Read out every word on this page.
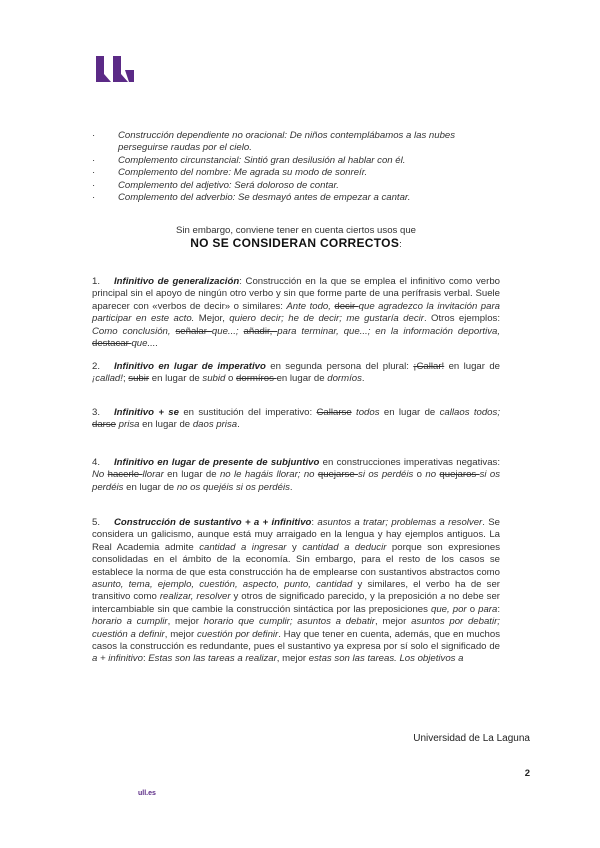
· Construcción dependiente no oracional: De niños contemplábamos a las nubes perseguirse raudas por el cielo.
· Complemento circunstancial: Sintió gran desilusión al hablar con él.
· Complemento del nombre: Me agrada su modo de sonreír.
· Complemento del adjetivo: Será doloroso de contar.
· Complemento del adverbio: Se desmayó antes de empezar a cantar.
Sin embargo, conviene tener en cuenta ciertos usos que
NO SE CONSIDERAN CORRECTOS:
1. Infinitivo de generalización: Construcción en la que se emplea el infinitivo como verbo principal sin el apoyo de ningún otro verbo y sin que forme parte de una perífrasis verbal. Suele aparecer con «verbos de decir» o similares: Ante todo, decir que agradezco la invitación para participar en este acto. Mejor, quiero decir; he de decir; me gustaría decir. Otros ejemplos: Como conclusión, señalar que...; añadir, para terminar, que...; en la información deportiva, destacar que....
2. Infinitivo en lugar de imperativo en segunda persona del plural: ¡Callar! en lugar de ¡callad!; subir en lugar de subid o dormíros en lugar de dormíos.
3. Infinitivo + se en sustitución del imperativo: Callarse todos en lugar de callaos todos; darse prisa en lugar de daos prisa.
4. Infinitivo en lugar de presente de subjuntivo en construcciones imperativas negativas: No hacerle llorar en lugar de no le hagáis llorar; no quejarse si os perdéis o no quejaros si os perdéis en lugar de no os quejéis si os perdéis.
5. Construcción de sustantivo + a + infinitivo: asuntos a tratar; problemas a resolver. Se considera un galicismo, aunque está muy arraigado en la lengua y hay ejemplos antiguos. La Real Academia admite cantidad a ingresar y cantidad a deducir porque son expresiones consolidadas en el ámbito de la economía. Sin embargo, para el resto de los casos se establece la norma de que esta construcción ha de emplearse con sustantivos abstractos como asunto, tema, ejemplo, cuestión, aspecto, punto, cantidad y similares, el verbo ha de ser transitivo como realizar, resolver y otros de significado parecido, y la preposición a no debe ser intercambiable sin que cambie la construcción sintáctica por las preposiciones que, por o para: horario a cumplir, mejor horario que cumplir; asuntos a debatir, mejor asuntos por debatir; cuestión a definir, mejor cuestión por definir. Hay que tener en cuenta, además, que en muchos casos la construcción es redundante, pues el sustantivo ya expresa por sí solo el significado de a + infinitivo: Estas son las tareas a realizar, mejor estas son las tareas. Los objetivos a
Universidad de La Laguna
2
ull.es
